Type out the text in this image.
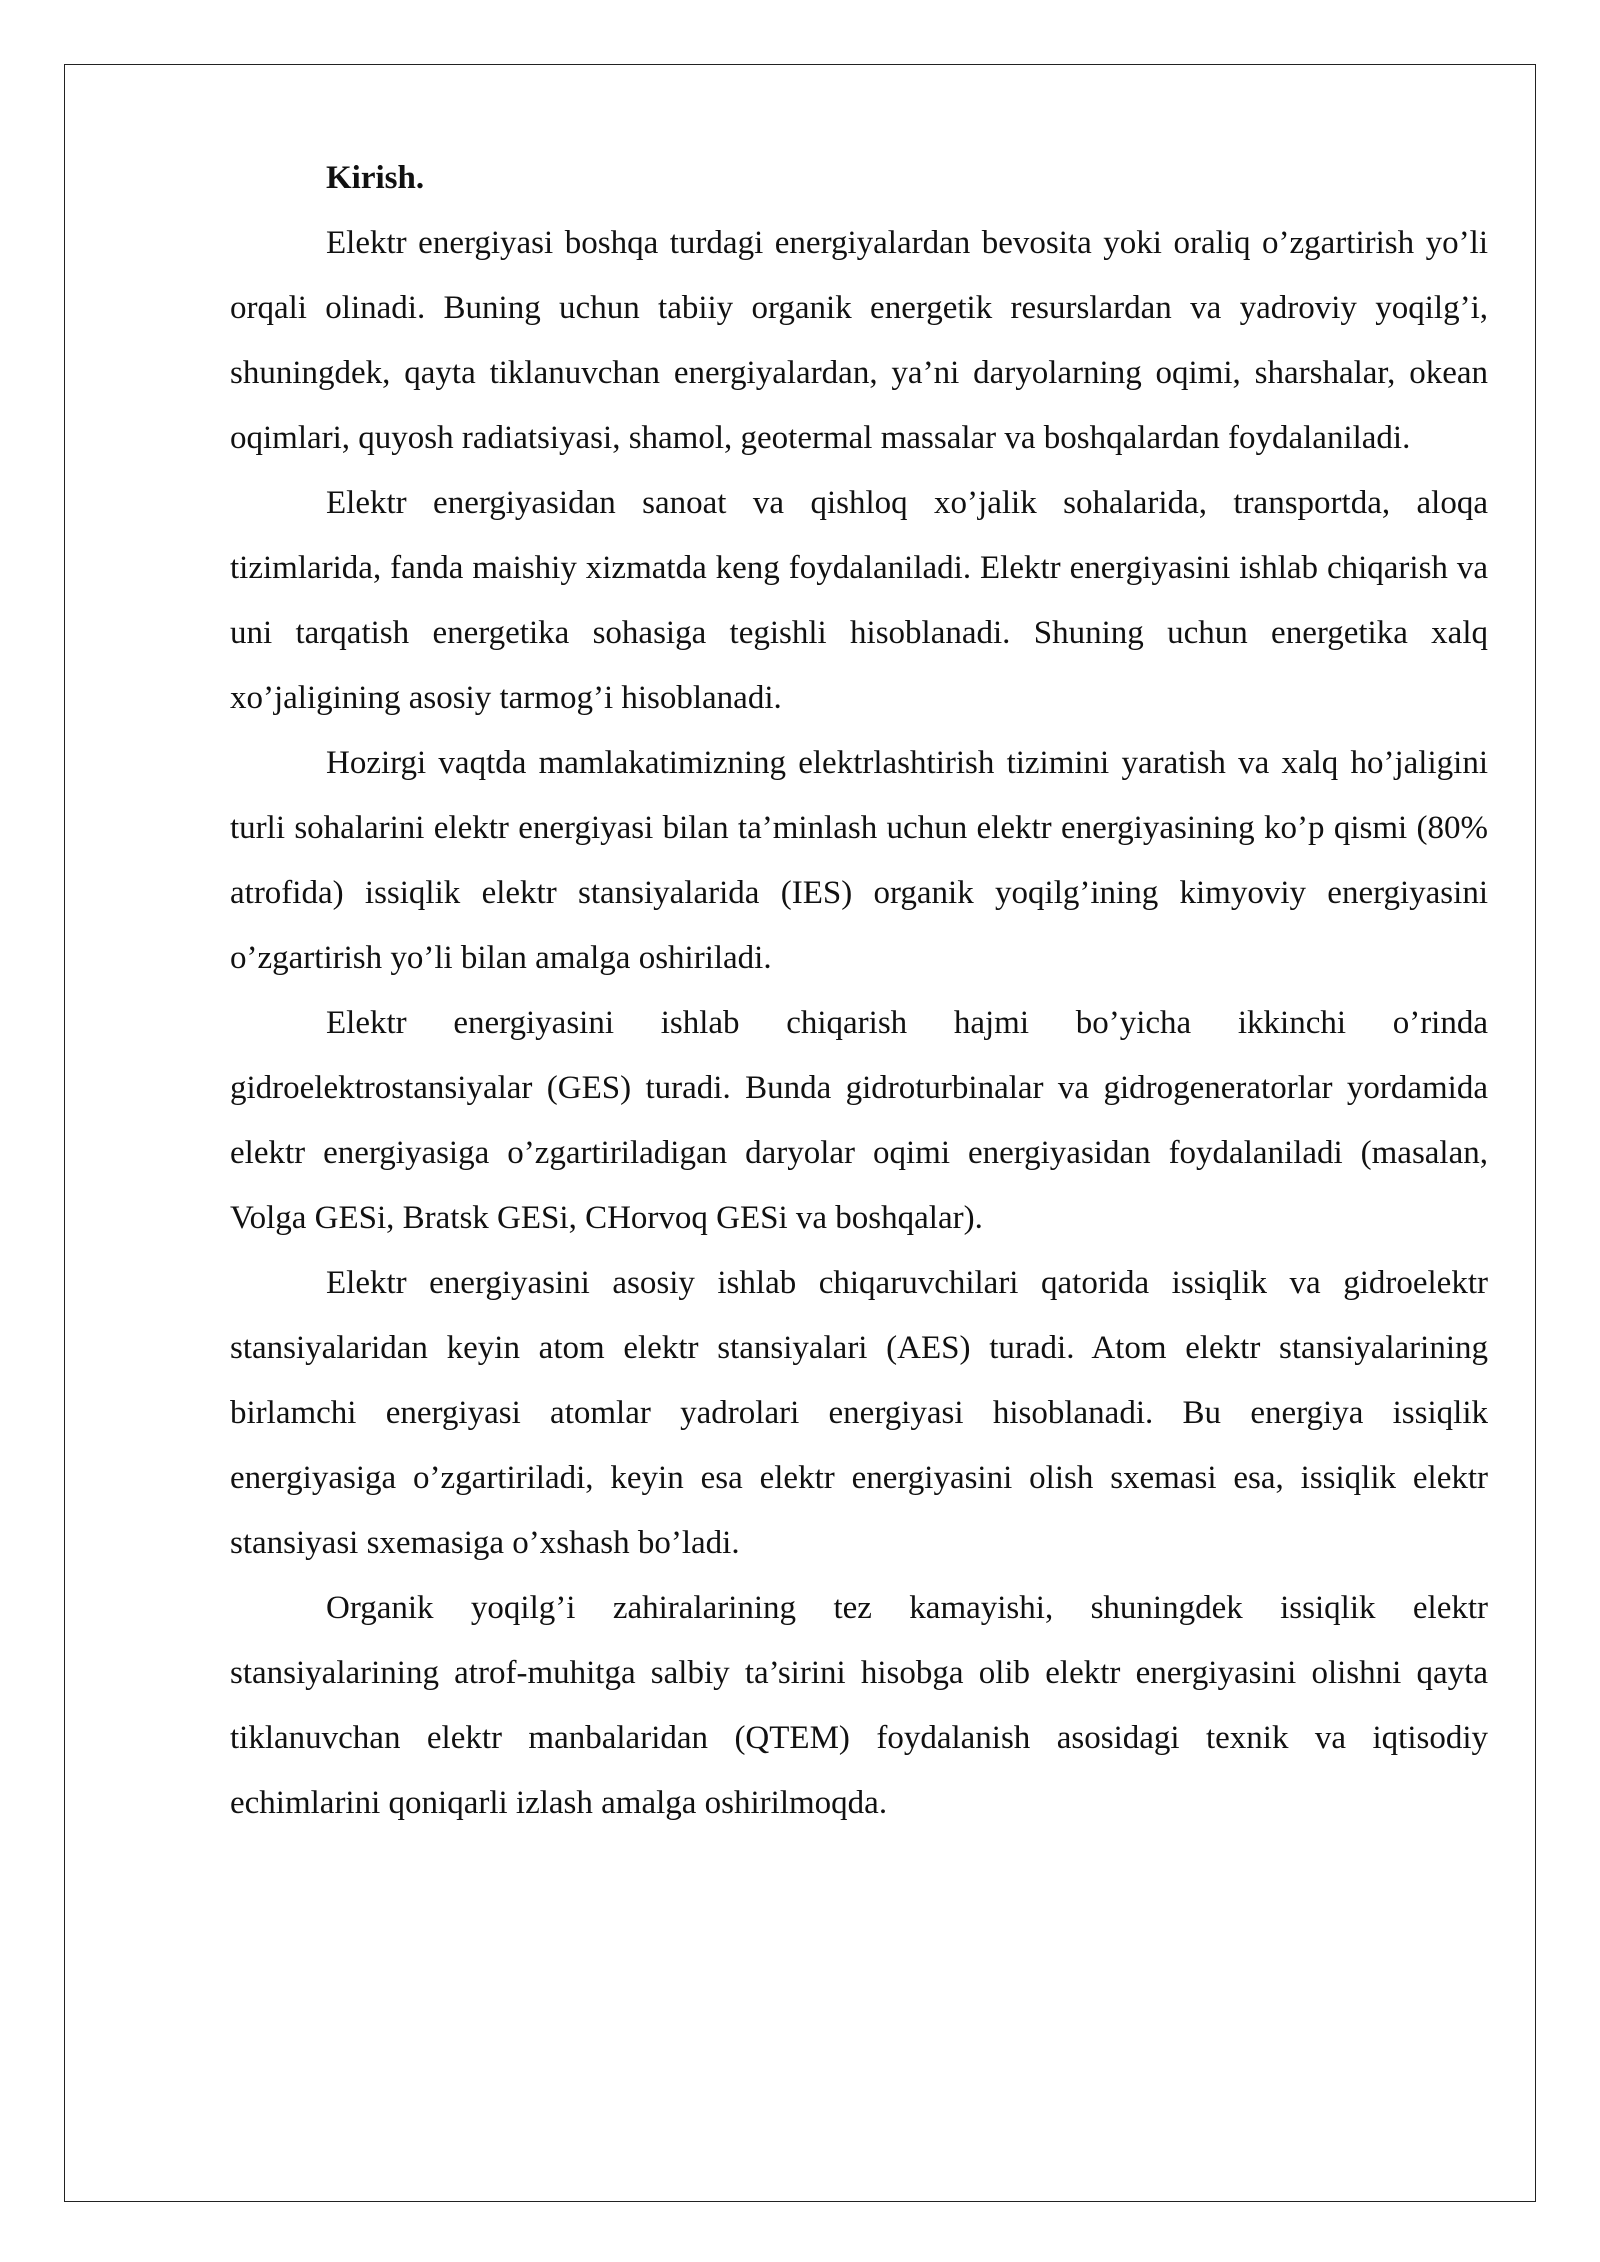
Kirish.

Elektr energiyasi boshqa turdagi energiyalardan bevosita yoki oraliq o’zgartirish yo’li orqali olinadi. Buning uchun tabiiy organik energetik resurslardan va yadroviy yoqilg’i, shuningdek, qayta tiklanuvchan energiyalardan, ya’ni daryolarning oqimi, sharshalar, okean oqimlari, quyosh radiatsiyasi, shamol, geotermal massalar va boshqalardan foydalaniladi.

Elektr energiyasidan sanoat va qishloq xo’jalik sohalarida, transportda, aloqa tizimlarida, fanda maishiy xizmatda keng foydalaniladi. Elektr energiyasini ishlab chiqarish va uni tarqatish energetika sohasiga tegishli hisoblanadi. Shuning uchun energetika xalq xo’jaligining asosiy tarmog’i hisoblanadi.

Hozirgi vaqtda mamlakatimizning elektrlashtirish tizimini yaratish va xalq ho’jaligini turli sohalarini elektr energiyasi bilan ta’minlash uchun elektr energiyasining ko’p qismi (80% atrofida) issiqlik elektr stansiyalarida (IES) organik yoqilg’ining kimyoviy energiyasini o’zgartirish yo’li bilan amalga oshiriladi.

Elektr energiyasini ishlab chiqarish hajmi bo’yicha ikkinchi o’rinda gidroelektrostansiyalar (GES) turadi. Bunda gidroturbinalar va gidrogeneratorlar yordamida elektr energiyasiga o’zgartiriladigan daryolar oqimi energiyasidan foydalaniladi (masalan, Volga GESi, Bratsk GESi, CHorvoq GESi va boshqalar).

Elektr energiyasini asosiy ishlab chiqaruvchilari qatorida issiqlik va gidroelektr stansiyalaridan keyin atom elektr stansiyalari (AES) turadi. Atom elektr stansiyalarining birlamchi energiyasi atomlar yadrolari energiyasi hisoblanadi. Bu energiya issiqlik energiyasiga o’zgartiriladi, keyin esa elektr energiyasini olish sxemasi esa, issiqlik elektr stansiyasi sxemasiga o’xshash bo’ladi.

Organik yoqilg’i zahiralarining tez kamayishi, shuningdek issiqlik elektr stansiyalarining atrof-muhitga salbiy ta’sirini hisobga olib elektr energiyasini olishni qayta tiklanuvchan elektr manbalaridan (QTEM) foydalanish asosidagi texnik va iqtisodiy echimlarini qoniqarli izlash amalga oshirilmoqda.
